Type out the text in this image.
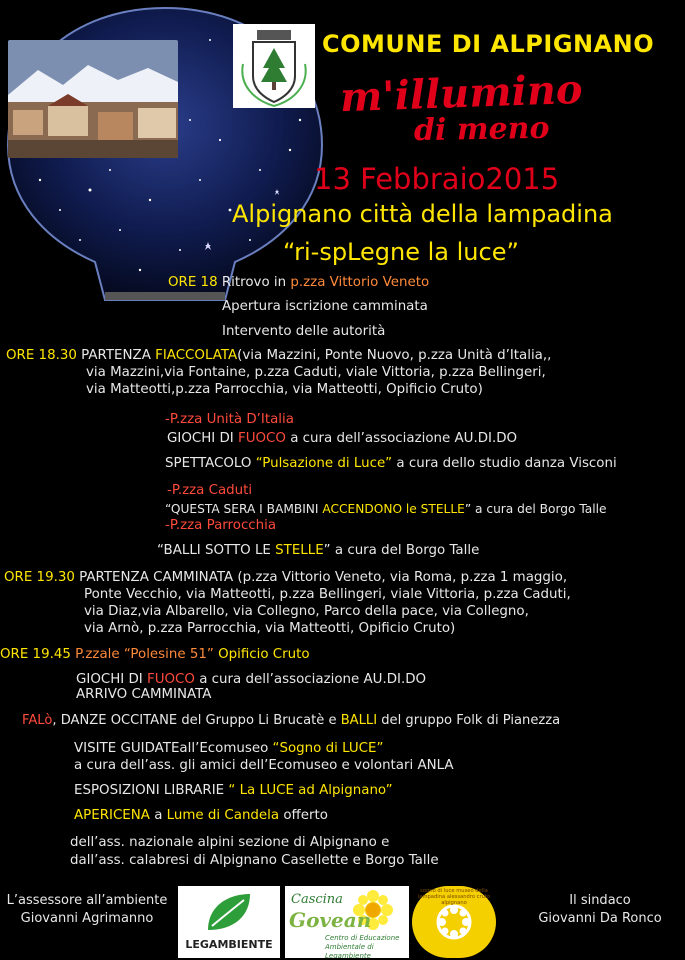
COMUNE DI ALPIGNANO
m'illumino
di meno
13 Febbraio2015
Alpignano città della lampadina
“ri-spLegne la luce”
ORE 18 Ritrovo in p.zza Vittorio Veneto
Apertura iscrizione camminata
Intervento delle autorità
ORE 18.30 PARTENZA FIACCOLATA(via Mazzini, Ponte Nuovo, p.zza Unità d’Italia,,
via Mazzini,via Fontaine, p.zza Caduti, viale Vittoria, p.zza Bellingeri,
via Matteotti,p.zza Parrocchia, via Matteotti, Opificio Cruto)
-P.zza Unità D’Italia
GIOCHI DI FUOCO a cura dell’associazione AU.DI.DO
SPETTACOLO “Pulsazione di Luce” a cura dello studio danza Visconi
-P.zza Caduti
“QUESTA SERA I BAMBINI ACCENDONO le STELLE” a cura del Borgo Talle
-P.zza Parrocchia
“BALLI SOTTO LE STELLE” a cura del Borgo Talle
ORE 19.30 PARTENZA CAMMINATA (p.zza Vittorio Veneto, via Roma, p.zza 1 maggio,
Ponte Vecchio, via Matteotti, p.zza Bellingeri, viale Vittoria, p.zza Caduti,
via Diaz,via Albarello, via Collegno, Parco della pace, via Collegno,
via Arnò, p.zza Parrocchia, via Matteotti, Opificio Cruto)
ORE 19.45 P.zzale “Polesine 51” Opificio Cruto
GIOCHI DI FUOCO a cura dell’associazione AU.DI.DO
ARRIVO CAMMINATA
FALò, DANZE OCCITANE del Gruppo Li Brucatè e BALLI del gruppo Folk di Pianezza
VISITE GUIDATEall’Ecomuseo “Sogno di LUCE”
a cura dell’ass. gli amici dell’Ecomuseo e volontari ANLA
ESPOSIZIONI LIBRARIE “ La LUCE ad Alpignano”
APERICENA a Lume di Candela offerto
dell’ass. nazionale alpini sezione di Alpignano e
dall’ass. calabresi di Alpignano Casellette e Borgo Talle
L’assessore all’ambiente
Giovanni Agrimanno
LEGAMBIENTE
Cascina
Govean
Centro di Educazione Ambientale di Legambiente
sogno di luce museo della lampadina alessandro cruto alpignano	Il sindaco
Giovanni Da Ronco
